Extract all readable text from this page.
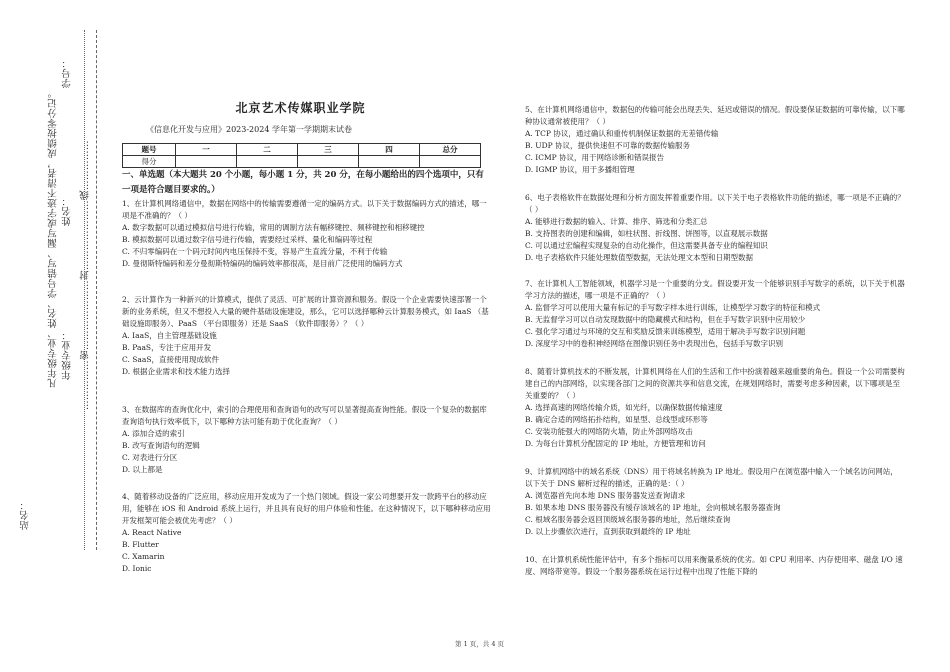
……………密…………………封…………………线……………
学号：
姓名：
凡年级专业、姓名、学号错写、漏写或字迹不清者，成绩按零分记。 年级专业：
站名：
北京艺术传媒职业学院
《信息化开发与应用》2023-2024 学年第一学期期末试卷
题号	一	二	三	四	总分
得分					
一、单选题（本大题共 20 个小题，每小题 1 分，共 20 分，在每小题给出的四个选项中，只有一项是符合题目要求的。）

1、在计算机网络通信中，数据在网络中的传输需要遵循一定的编码方式。以下关于数据编码方式的描述，哪一项是不准确的？（ ）

A. 数字数据可以通过模拟信号进行传输，常用的调制方法有幅移键控、频移键控和相移键控

B. 模拟数据可以通过数字信号进行传输，需要经过采样、量化和编码等过程

C. 不归零编码在一个码元时间内电压保持不变，容易产生直流分量，不利于传输

D. 曼彻斯特编码和差分曼彻斯特编码的编码效率都很高，是目前广泛使用的编码方式

2、云计算作为一种新兴的计算模式，提供了灵活、可扩展的计算资源和服务。假设一个企业需要快速部署一个新的业务系统，但又不想投入大量的硬件基础设施建设，那么，它可以选择哪种云计算服务模式，如 IaaS （基础设施即服务）、PaaS （平台即服务）还是 SaaS （软件即服务）？（ ）

A. IaaS，自主管理基础设施

B. PaaS，专注于应用开发

C. SaaS，直接使用现成软件

D. 根据企业需求和技术能力选择

3、在数据库的查询优化中，索引的合理使用和查询语句的改写可以显著提高查询性能。假设一个复杂的数据库查询语句执行效率低下，以下哪种方法可能有助于优化查询？（ ）

A. 添加合适的索引

B. 改写查询语句的逻辑

C. 对表进行分区

D. 以上都是

4、随着移动设备的广泛应用，移动应用开发成为了一个热门领域。假设一家公司想要开发一款跨平台的移动应用，能够在 iOS 和 Android 系统上运行，并且具有良好的用户体验和性能。在这种情况下，以下哪种移动应用开发框架可能会被优先考虑？（ ）

A. React Native

B. Flutter

C. Xamarin

D. Ionic

5、在计算机网络通信中，数据包的传输可能会出现丢失、延迟或错误的情况。假设要保证数据的可靠传输，以下哪种协议通常被使用？（ ）

A. TCP 协议，通过确认和重传机制保证数据的无差错传输

B. UDP 协议，提供快速但不可靠的数据传输服务

C. ICMP 协议，用于网络诊断和错误报告

D. IGMP 协议，用于多播组管理

6、电子表格软件在数据处理和分析方面发挥着重要作用。以下关于电子表格软件功能的描述，哪一项是不正确的？（ ）

A. 能够进行数据的输入、计算、排序、筛选和分类汇总

B. 支持图表的创建和编辑，如柱状图、折线图、饼图等，以直观展示数据

C. 可以通过宏编程实现复杂的自动化操作，但这需要具备专业的编程知识

D. 电子表格软件只能处理数值型数据，无法处理文本型和日期型数据

7、在计算机人工智能领域，机器学习是一个重要的分支。假设要开发一个能够识别手写数字的系统，以下关于机器学习方法的描述，哪一项是不正确的？（ ）

A. 监督学习可以使用大量有标记的手写数字样本进行训练，让模型学习数字的特征和模式

B. 无监督学习可以自动发现数据中的隐藏模式和结构，但在手写数字识别中应用较少

C. 强化学习通过与环境的交互和奖励反馈来训练模型，适用于解决手写数字识别问题

D. 深度学习中的卷积神经网络在图像识别任务中表现出色，包括手写数字识别

8、随着计算机技术的不断发展，计算机网络在人们的生活和工作中扮演着越来越重要的角色。假设一个公司需要构建自己的内部网络，以实现各部门之间的资源共享和信息交流，在规划网络时，需要考虑多种因素，以下哪项是至关重要的？（ ）

A. 选择高速的网络传输介质，如光纤，以确保数据传输速度

B. 确定合适的网络拓扑结构，如星型、总线型或环形等

C. 安装功能强大的网络防火墙，防止外部网络攻击

D. 为每台计算机分配固定的 IP 地址，方便管理和访问

9、计算机网络中的域名系统（DNS）用于将域名转换为 IP 地址。假设用户在浏览器中输入一个域名访问网站，以下关于 DNS 解析过程的描述，正确的是：（ ）

A. 浏览器首先向本地 DNS 服务器发送查询请求

B. 如果本地 DNS 服务器没有缓存该域名的 IP 地址，会向根域名服务器查询

C. 根域名服务器会返回顶级域名服务器的地址，然后继续查询

D. 以上步骤依次进行，直到获取到最终的 IP 地址

10、在计算机系统性能评估中，有多个指标可以用来衡量系统的优劣。如 CPU 利用率、内存使用率、磁盘 I/O 速度、网络带宽等。假设一个服务器系统在运行过程中出现了性能下降的

第 1 页，共 4 页
